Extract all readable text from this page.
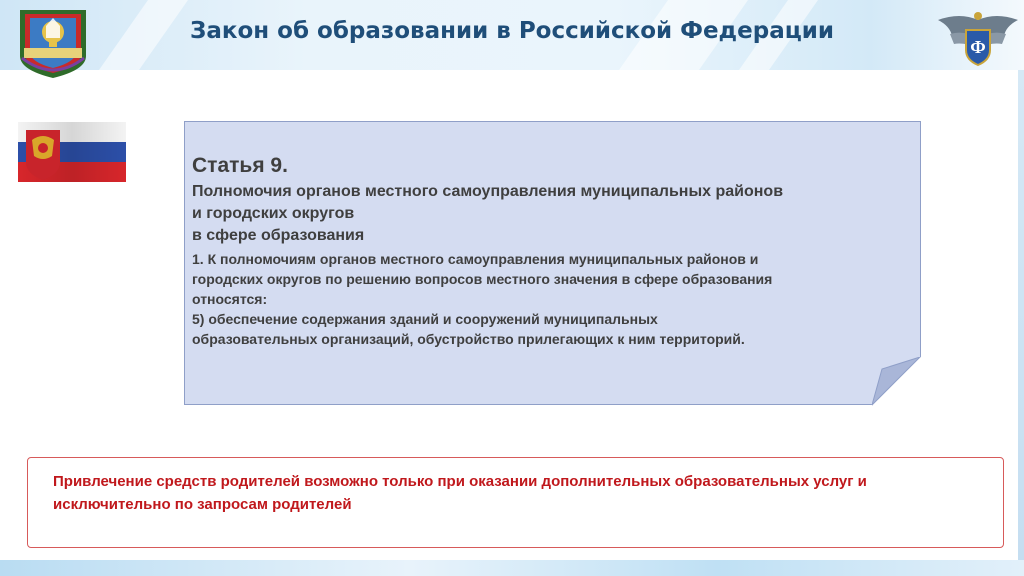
Закон об образовании в Российской Федерации
Ф
Статья 9.
Полномочия органов местного самоуправления муниципальных районов
и городских округов
в сфере образования

1. К полномочиям органов местного самоуправления муниципальных районов и

городских округов по решению вопросов местного значения в сфере образования

относятся:

5) обеспечение содержания зданий и сооружений муниципальных

образовательных организаций, обустройство прилегающих к ним территорий.

Привлечение средств родителей возможно только при оказании дополнительных образовательных услуг и
исключительно по запросам родителей
